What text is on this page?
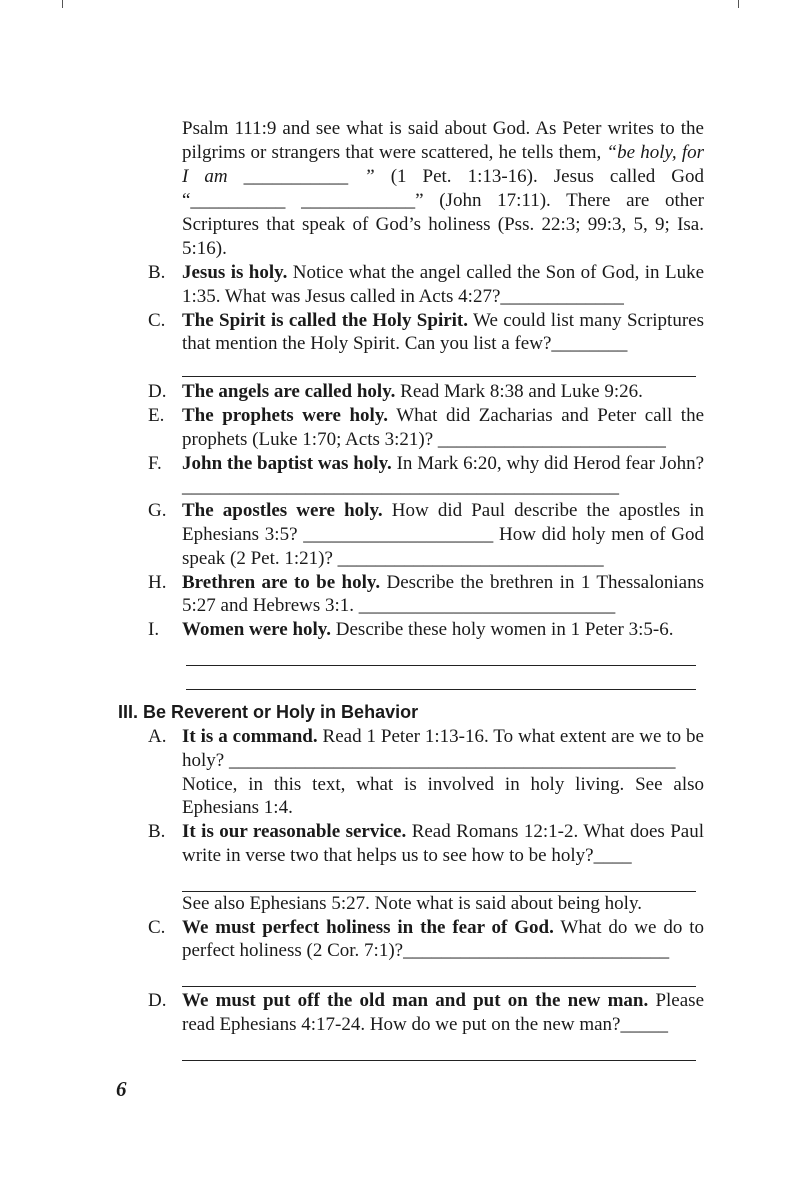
Psalm 111:9 and see what is said about God. As Peter writes to the pilgrims or strangers that were scattered, he tells them, “be holy, for I am ___________ ” (1 Pet. 1:13-16). Jesus called God “__________ ____________” (John 17:11). There are other Scriptures that speak of God’s holiness (Pss. 22:3; 99:3, 5, 9; Isa. 5:16).

B. Jesus is holy. Notice what the angel called the Son of God, in Luke 1:35. What was Jesus called in Acts 4:27?_____________
C. The Spirit is called the Holy Spirit. We could list many Scriptures that mention the Holy Spirit. Can you list a few?________
D. The angels are called holy. Read Mark 8:38 and Luke 9:26.
E. The prophets were holy. What did Zacharias and Peter call the prophets (Luke 1:70; Acts 3:21)? ________________________
F.	John the baptist was holy. In Mark 6:20, why did Herod fear John? ______________________________________________
G. The apostles were holy. How did Paul describe the apostles in Ephesians 3:5? ____________________ How did holy men of God speak (2 Pet. 1:21)? ____________________________
H. Brethren are to be holy. Describe the brethren in 1 Thessalonians 5:27 and Hebrews 3:1. ___________________________
I.	Women were holy. Describe these holy women in 1 Peter 3:5-6.
III. Be Reverent or Holy in Behavior
A. It is a command. Read 1 Peter 1:13-16. To what extent are we to be holy? _______________________________________________

Notice, in this text, what is involved in holy living. See also Ephesians 1:4.

B. It is our reasonable service. Read Romans 12:1-2. What does Paul write in verse two that helps us to see how to be holy?____
See also Ephesians 5:27. Note what is said about being holy.
C. We must perfect holiness in the fear of God. What do we do to perfect holiness (2 Cor. 7:1)?____________________________
D. We must put off the old man and put on the new man. Please read Ephesians 4:17-24. How do we put on the new man?_____
6
